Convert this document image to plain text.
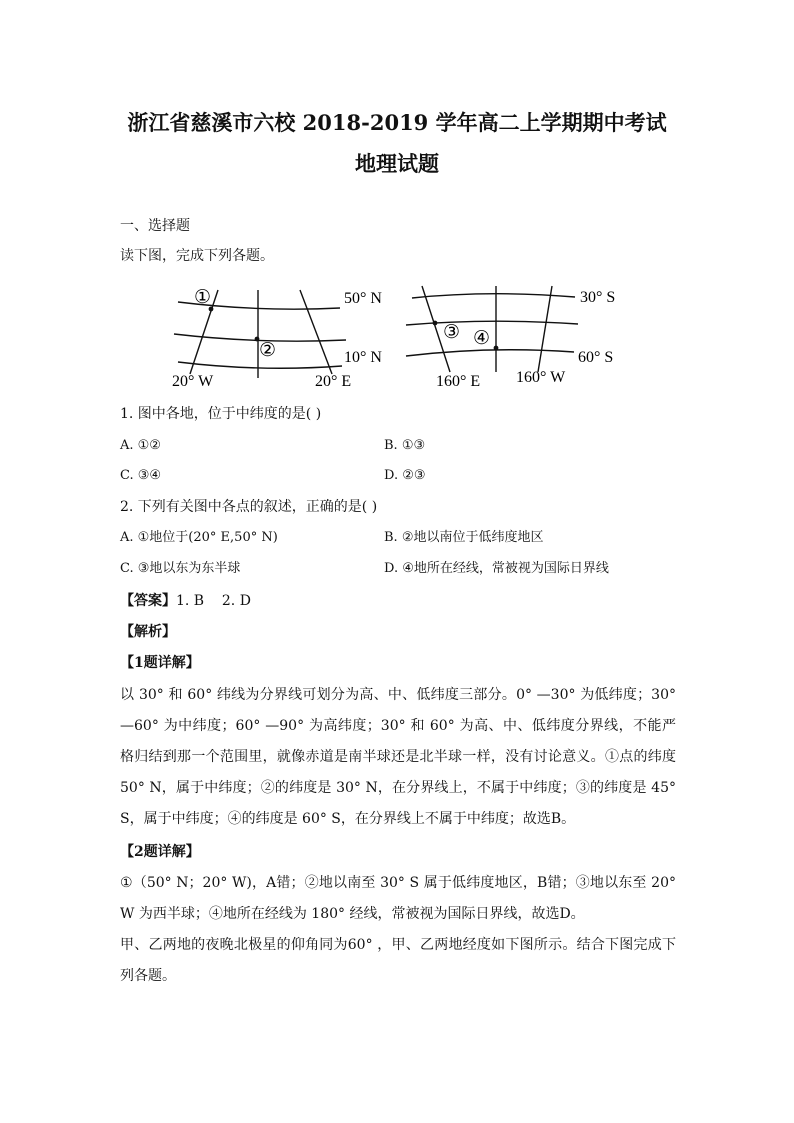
浙江省慈溪市六校 2018-2019 学年高二上学期期中考试
地理试题
一、选择题
读下图，完成下列各题。
①
②
50° N
10° N
20° W	20° E
③ ④
30° S
60° S
160° E 160° W
1. 图中各地，位于中纬度的是( )
A. ①②	B. ①③
C. ③④	D. ②③
2. 下列有关图中各点的叙述，正确的是( )
A. ①地位于(20° E,50° N)	B. ②地以南位于低纬度地区
C. ③地以东为东半球	D. ④地所在经线，常被视为国际日界线
【答案】1. B    2. D
【解析】
【1题详解】
以 30° 和 60° 纬线为分界线可划分为高、中、低纬度三部分。0° —30° 为低纬度；30° —60° 为中纬度；60° —90° 为高纬度；30° 和 60° 为高、中、低纬度分界线，不能严格归结到那一个范围里，就像赤道是南半球还是北半球一样，没有讨论意义。①点的纬度 50° N，属于中纬度；②的纬度是 30° N，在分界线上，不属于中纬度；③的纬度是 45° S，属于中纬度；④的纬度是 60° S，在分界线上不属于中纬度；故选B。
【2题详解】
①（50° N；20° W)，A错；②地以南至 30° S 属于低纬度地区，B错；③地以东至 20° W 为西半球；④地所在经线为 180° 经线，常被视为国际日界线，故选D。
甲、乙两地的夜晚北极星的仰角同为60° ，甲、乙两地经度如下图所示。结合下图完成下列各题。
